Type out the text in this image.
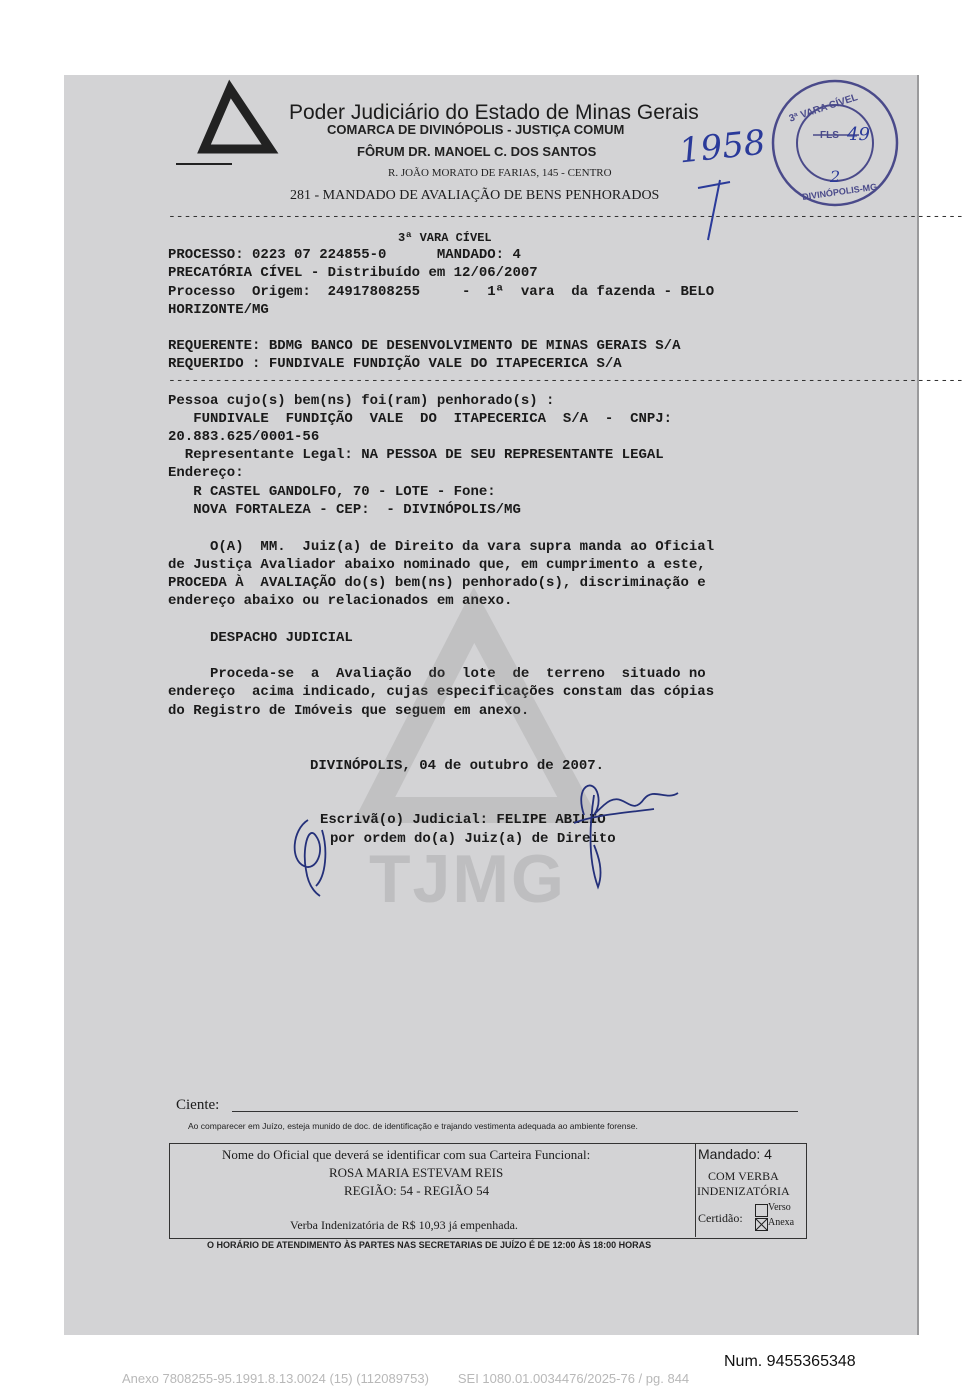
Poder Judiciário do Estado de Minas Gerais
COMARCA DE DIVINÓPOLIS - JUSTIÇA COMUM
FÔRUM DR. MANOEL C. DOS SANTOS
R. JOÃO MORATO DE FARIAS, 145 - CENTRO
281 - MANDADO DE AVALIAÇÃO DE BENS PENHORADOS
1958
3ª VARA CÍVEL
DIVINÓPOLIS-MG
FLS 49
2
------------------------------------------------------------------------------------------------------
3ª VARA CÍVEL
PROCESSO: 0223 07 224855-0      MANDADO: 4
PRECATÓRIA CÍVEL - Distribuído em 12/06/2007
Processo  Origem:  24917808255     -  1ª  vara  da fazenda - BELO
HORIZONTE/MG
REQUERENTE: BDMG BANCO DE DESENVOLVIMENTO DE MINAS GERAIS S/A
REQUERIDO : FUNDIVALE FUNDIÇÃO VALE DO ITAPECERICA S/A
------------------------------------------------------------------------------------------------------
Pessoa cujo(s) bem(ns) foi(ram) penhorado(s) :
FUNDIVALE  FUNDIÇÃO  VALE  DO  ITAPECERICA  S/A  -  CNPJ:
20.883.625/0001-56
Representante Legal: NA PESSOA DE SEU REPRESENTANTE LEGAL
Endereço:
R CASTEL GANDOLFO, 70 - LOTE - Fone:
NOVA FORTALEZA - CEP:  - DIVINÓPOLIS/MG
O(A)  MM.  Juiz(a) de Direito da vara supra manda ao Oficial
de Justiça Avaliador abaixo nominado que, em cumprimento a este,
PROCEDA À  AVALIAÇÃO do(s) bem(ns) penhorado(s), discriminação e
endereço abaixo ou relacionados em anexo.
DESPACHO JUDICIAL
Proceda-se  a  Avaliação  do  lote  de  terreno  situado no
endereço  acima indicado, cujas especificações constam das cópias
do Registro de Imóveis que seguem em anexo.
TJMG
DIVINÓPOLIS, 04 de outubro de 2007.
Escrivã(o) Judicial: FELIPE ABILIO
por ordem do(a) Juiz(a) de Direito
Ciente:
Ao comparecer em Juízo, esteja munido de doc. de identificação e trajando vestimenta adequada ao ambiente forense.
Nome do Oficial que deverá se identificar com sua Carteira Funcional:
ROSA MARIA ESTEVAM REIS
REGIÃO: 54 - REGIÃO 54
Verba Indenizatória de R$ 10,93 já empenhada.
Mandado: 4
COM VERBA
INDENIZATÓRIA
Certidão:
Verso
Anexa
O HORÁRIO DE ATENDIMENTO ÀS PARTES NAS SECRETARIAS DE JUÍZO É DE 12:00 ÀS 18:00 HORAS
Num. 9455365348
Anexo 7808255-95.1991.8.13.0024 (15) (112089753)        SEI 1080.01.0034476/2025-76 / pg. 844
